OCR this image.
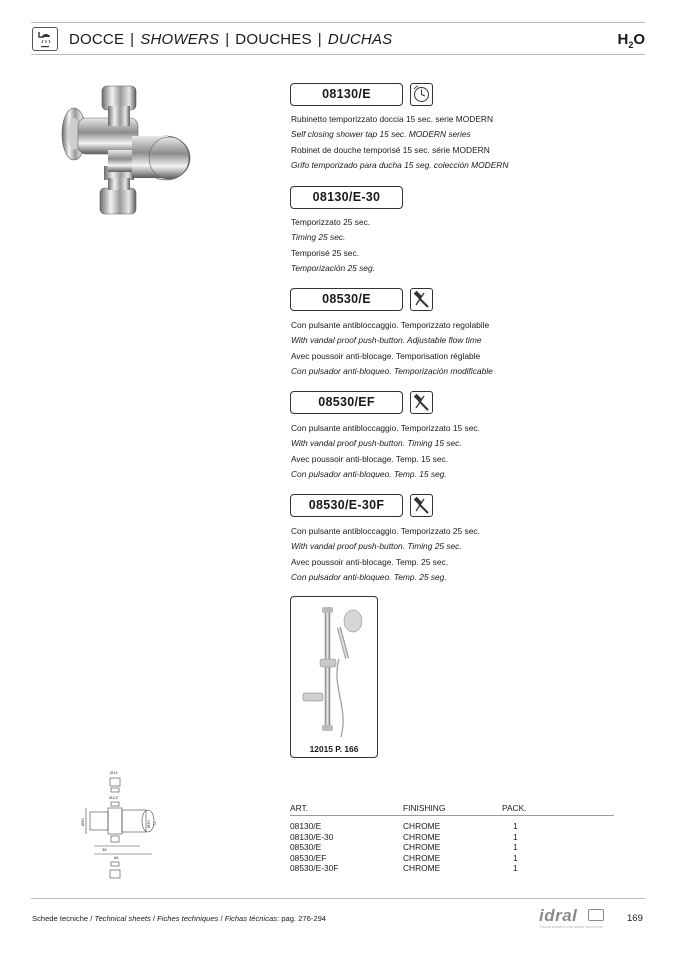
DOCCE | SHOWERS | DOUCHES | DUCHAS	$H_2O$
08130/E
Rubinetto temporizzato doccia 15 sec. serie MODERN
Self closing shower tap 15 sec. MODERN series
Robinet de douche temporisé 15 sec. série MODERN
Grifo temporizado para ducha 15 seg. colección MODERN
08130/E-30
Temporizzato 25 sec.
Timing 25 sec.
Temporisé 25 sec.
Temporización 25 seg.
08530/E
Con pulsante antibloccaggio. Temporizzato regolabile
With vandal proof push-button. Adjustable flow time
Avec poussoir anti-blocage. Temporisation réglable
Con pulsador anti-bloqueo. Temporización modificable
08530/EF
Con pulsante antibloccaggio. Temporizzato 15 sec.
With vandal proof push-button. Timing 15 sec.
Avec poussoir anti-blocage. Temp. 15 sec.
Con pulsador anti-bloqueo. Temp. 15 seg.
08530/E-30F
Con pulsante antibloccaggio. Temporizzato 25 sec.
With vandal proof push-button. Timing 25 sec.
Avec poussoir anti-blocage. Temp. 25 sec.
Con pulsador anti-bloqueo. Temp. 25 seg.
12015 P. 166
Ø14
Ø1/2"
Ø36	Ø30 71
38
66
ART.	FINISHING	PACK.
08130/E	CHROME	1
08130/E-30	CHROME	1
08530/E	CHROME	1
08530/EF	CHROME	1
08530/E-30F	CHROME	1
Schede tecniche / Technical sheets / Fiches techniques / Fichas técnicas: pag. 276-294	idral
ITALIAN EXPERTS FOR WATER SOLUTIONS
169
